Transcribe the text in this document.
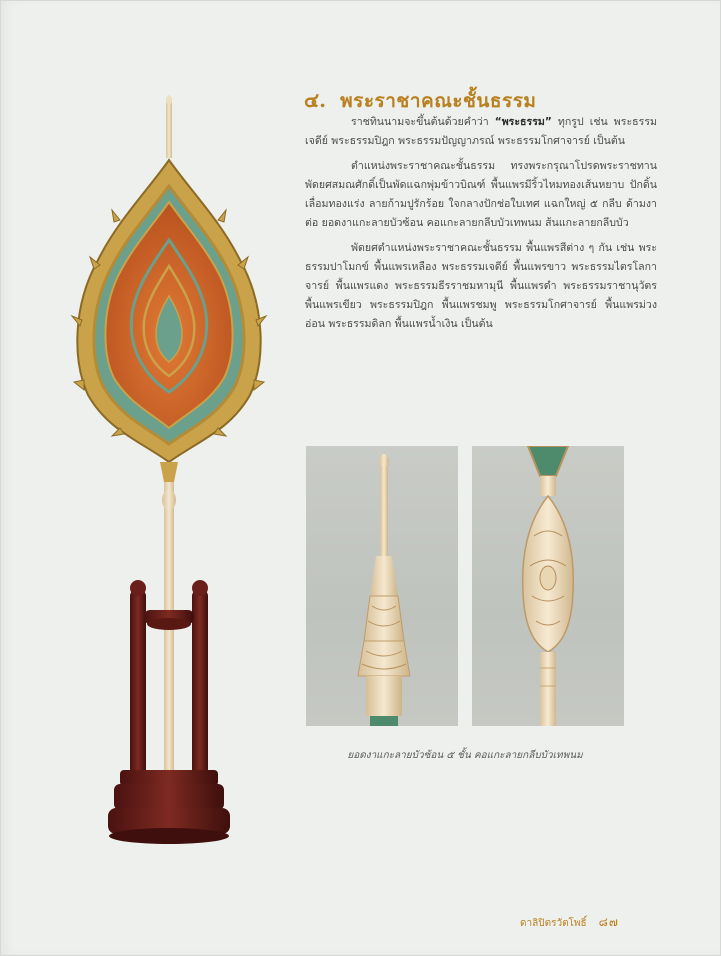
๔. พระราชาคณะชั้นธรรม

ราชทินนามจะขึ้นต้นด้วยคำว่า “พระธรรม” ทุกรูป เช่น พระธรรมเจดีย์ พระธรรมปิฎก พระธรรมปัญญาภรณ์ พระธรรมโกศาจารย์ เป็นต้น

ตำแหน่งพระราชาคณะชั้นธรรม ทรงพระกรุณาโปรดพระราชทานพัดยศสมณศักดิ์เป็นพัดแฉกพุ่มข้าวบิณฑ์ พื้นแพรมีริ้วไหมทองเส้นหยาบ ปักดิ้นเลื่อมทองแร่ง ลายก้ามปูรักร้อย ใจกลางปักช่อใบเทศ แฉกใหญ่ ๕ กลีบ ด้ามงาต่อ ยอดงาแกะลายบัวซ้อน คอแกะลายกลีบบัวเทพนม ส้นแกะลายกลีบบัว

พัดยศตำแหน่งพระราชาคณะชั้นธรรม พื้นแพรสีต่าง ๆ กัน เช่น พระธรรมปาโมกข์ พื้นแพรเหลือง พระธรรมเจดีย์ พื้นแพรขาว พระธรรมไตรโลกาจารย์ พื้นแพรแดง พระธรรมธีรราชมหามุนี พื้นแพรดำ พระธรรมราชานุวัตร พื้นแพรเขียว พระธรรมปิฎก พื้นแพรชมพู พระธรรมโกศาจารย์ พื้นแพรม่วงอ่อน พระธรรมดิลก พื้นแพรน้ำเงิน เป็นต้น

ยอดงาแกะลายบัวซ้อน ๕ ชั้น คอแกะลายกลีบบัวเทพนม
ดาลิปิตรวัตโพธิ์ ๘๗
